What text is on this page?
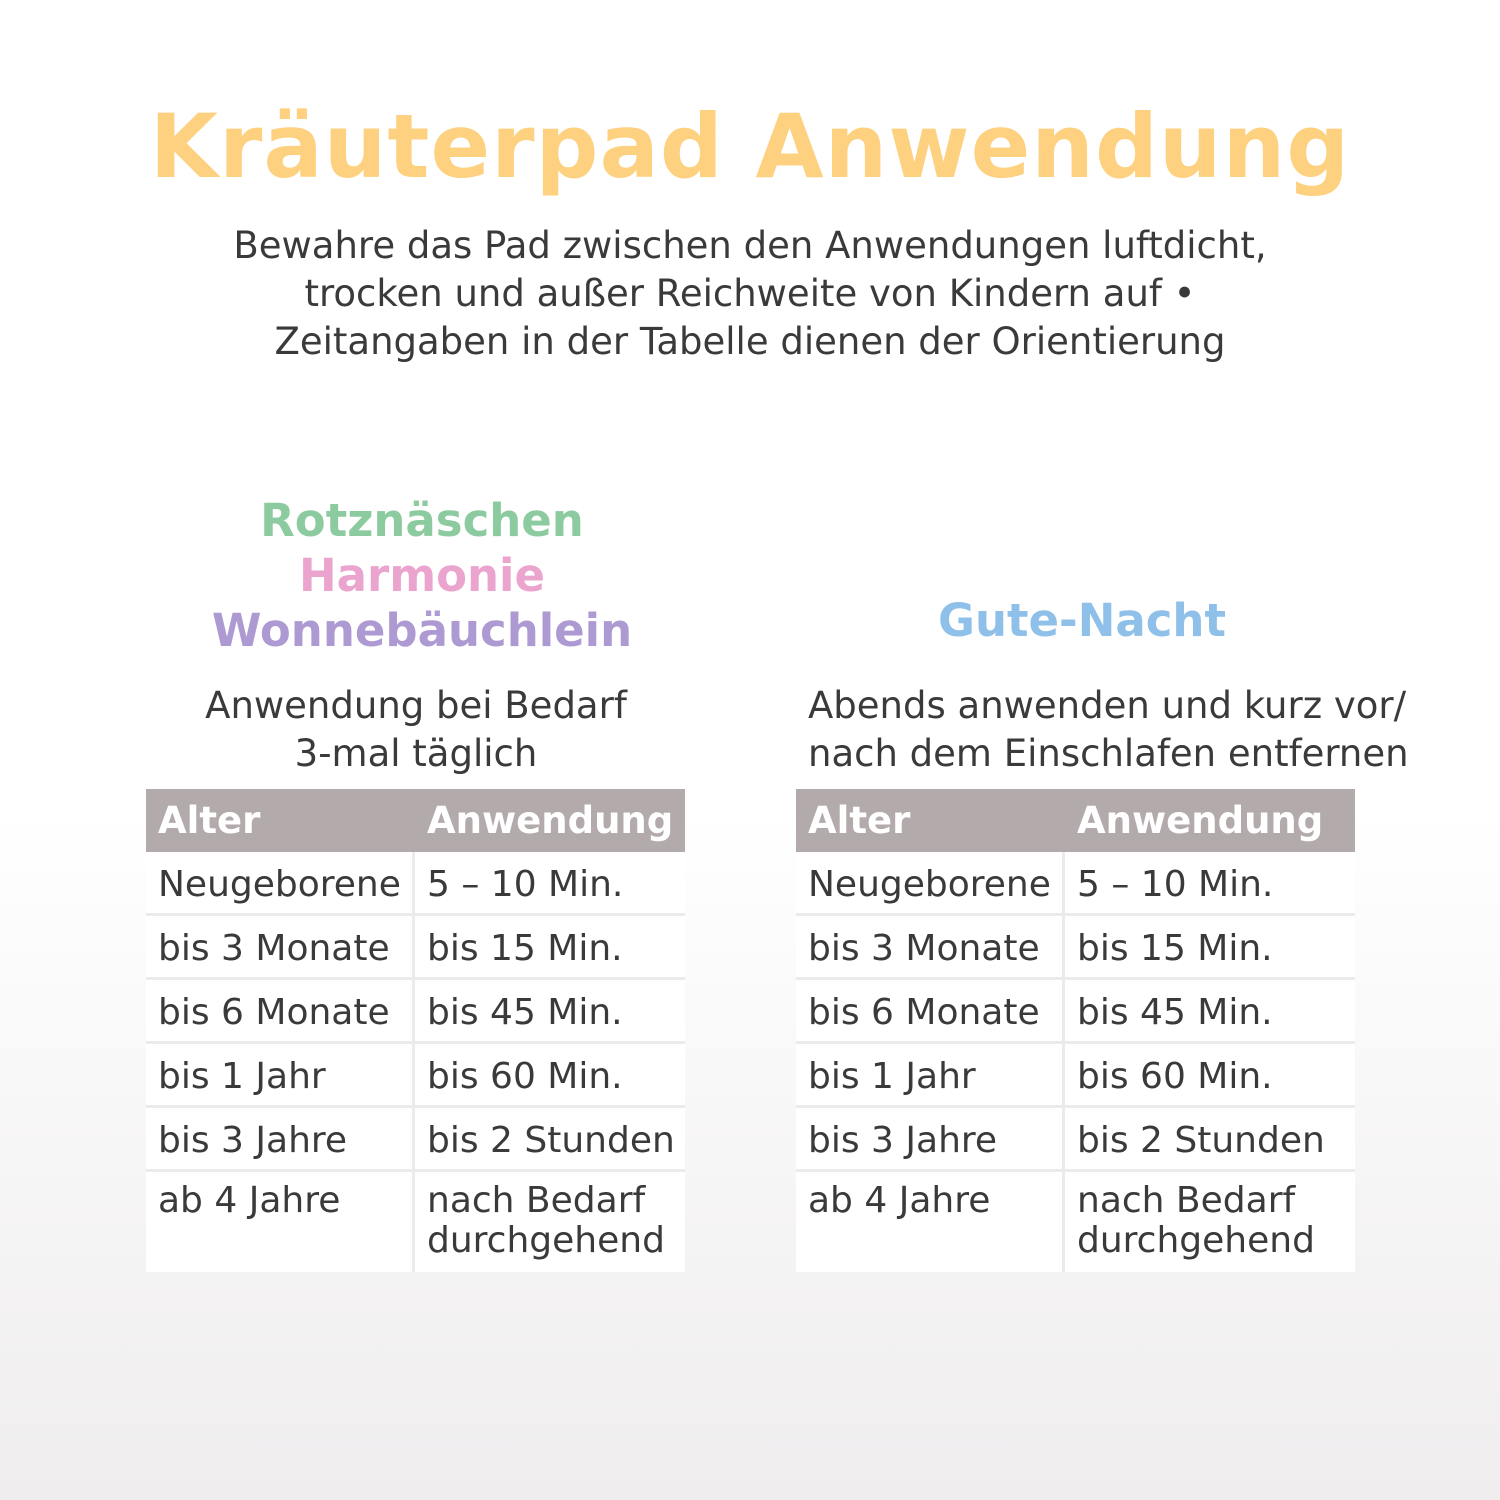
Kräuterpad Anwendung
Bewahre das Pad zwischen den Anwendungen luftdicht,
trocken und außer Reichweite von Kindern auf •
Zeitangaben in der Tabelle dienen der Orientierung
Rotznäschen
Harmonie
Wonnebäuchlein
Anwendung bei Bedarf
3-mal täglich
Gute-Nacht
Abends anwenden und kurz vor/
nach dem Einschlafen entfernen
Alter	Anwendung
Neugeborene 5 – 10 Min.
bis 3 Monate	bis 15 Min.
bis 6 Monate	bis 45 Min.
bis 1 Jahr	bis 60 Min.
bis 3 Jahre	bis 2 Stunden
ab 4 Jahre	nach Bedarf
durchgehend
Alter	Anwendung
Neugeborene 5 – 10 Min.
bis 3 Monate	bis 15 Min.
bis 6 Monate	bis 45 Min.
bis 1 Jahr	bis 60 Min.
bis 3 Jahre	bis 2 Stunden
ab 4 Jahre	nach Bedarf
durchgehend
